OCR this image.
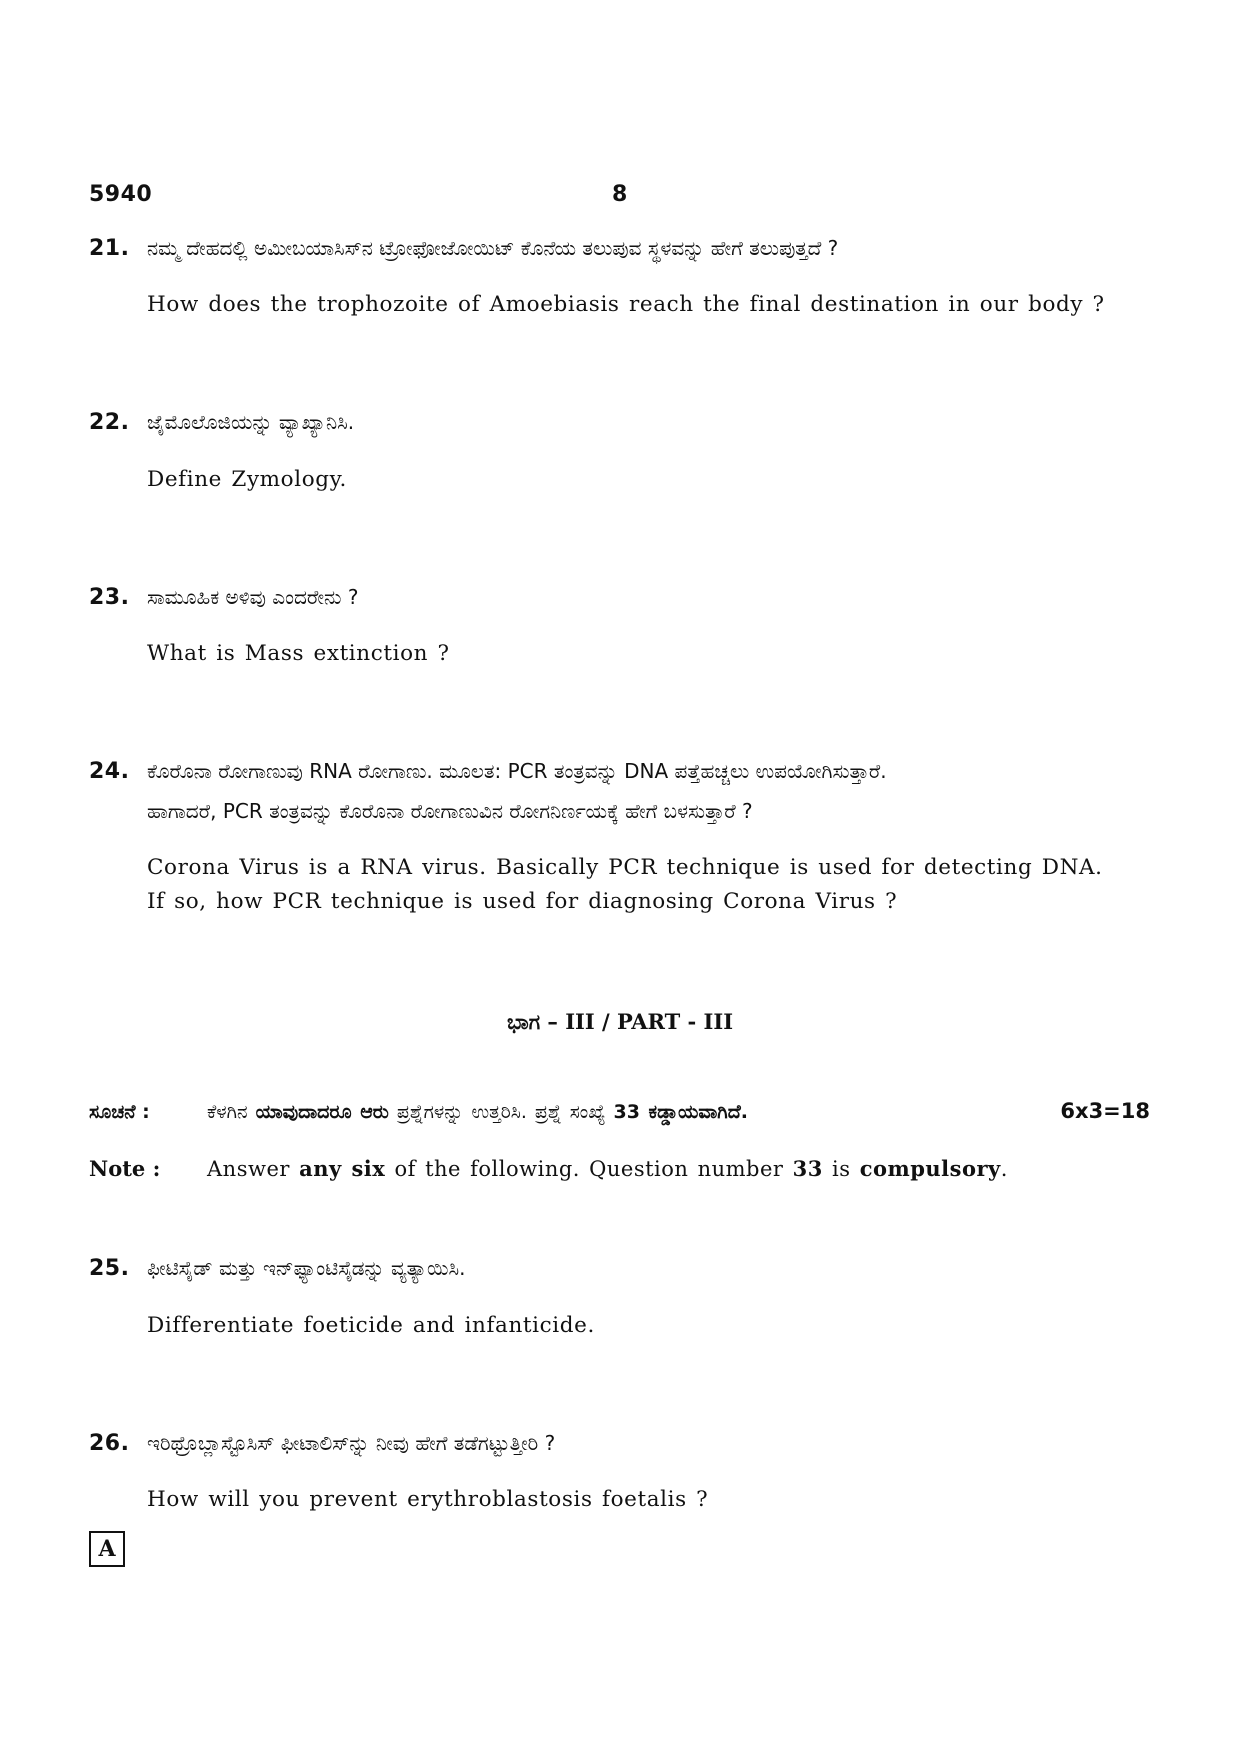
5940	8
21. ನಮ್ಮ ದೇಹದಲ್ಲಿ ಅಮೀಬಯಾಸಿಸ್‌ನ ಟ್ರೋಫೋಜೋಯಿಟ್ ಕೊನೆಯ ತಲುಪುವ ಸ್ಥಳವನ್ನು ಹೇಗೆ ತಲುಪುತ್ತದೆ ?
How does the trophozoite of Amoebiasis reach the final destination in our body ?
22. ಜೈಮೊಲೊಜಿಯನ್ನು ವ್ಯಾಖ್ಯಾನಿಸಿ.
Define Zymology.
23. ಸಾಮೂಹಿಕ ಅಳಿವು ಎಂದರೇನು ?
What is Mass extinction ?
24. ಕೊರೊನಾ ರೋಗಾಣುವು RNA ರೋಗಾಣು. ಮೂಲತ: PCR ತಂತ್ರವನ್ನು DNA ಪತ್ತೆಹಚ್ಚಲು ಉಪಯೋಗಿಸುತ್ತಾರೆ.
ಹಾಗಾದರೆ, PCR ತಂತ್ರವನ್ನು ಕೊರೊನಾ ರೋಗಾಣುವಿನ ರೋಗನಿರ್ಣಯಕ್ಕೆ ಹೇಗೆ ಬಳಸುತ್ತಾರೆ ?
Corona Virus is a RNA virus. Basically PCR technique is used for detecting DNA.
If so, how PCR technique is used for diagnosing Corona Virus ?
ಭಾಗ – III / PART - III
ಸೂಚನೆ :	ಕೆಳಗಿನ ಯಾವುದಾದರೂ ಆರು ಪ್ರಶ್ನೆಗಳನ್ನು ಉತ್ತರಿಸಿ. ಪ್ರಶ್ನೆ ಸಂಖ್ಯೆ 33 ಕಡ್ಡಾಯವಾಗಿದೆ.	6x3=18
Note : Answer any six of the following. Question number 33 is compulsory.
25. ಫೀಟಿಸೈಡ್ ಮತ್ತು ಇನ್‌ಫ್ಯಾಂಟಿಸೈಡನ್ನು ವ್ಯತ್ಯಾಯಿಸಿ.
Differentiate foeticide and infanticide.
26. ಇರಿಥ್ರೊಬ್ಲಾಸ್ಟೊಸಿಸ್ ಫೀಟಾಲಿಸ್‌ನ್ನು ನೀವು ಹೇಗೆ ತಡೆಗಟ್ಟುತ್ತೀರಿ ?
How will you prevent erythroblastosis foetalis ?
A
